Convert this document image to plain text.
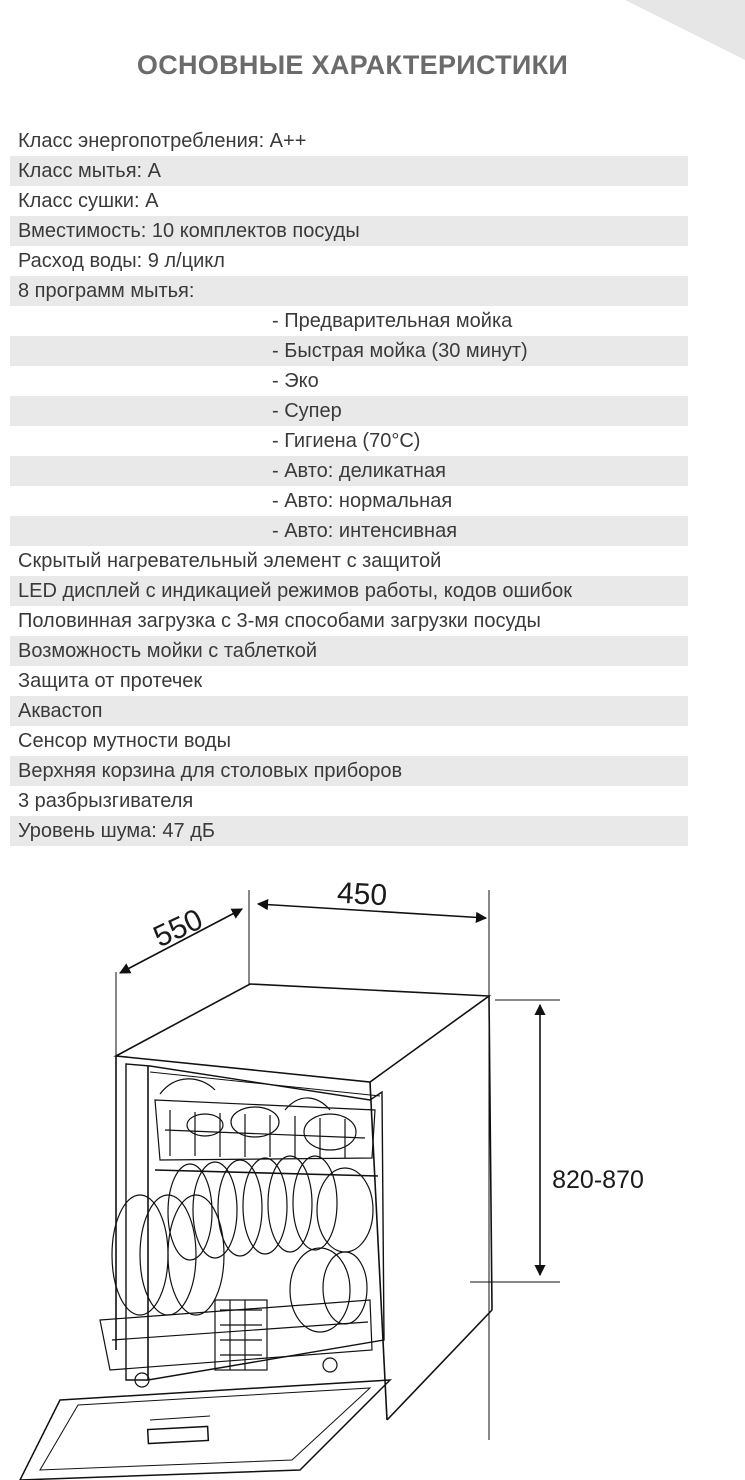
ОСНОВНЫЕ ХАРАКТЕРИСТИКИ
Класс энергопотребления: A++
Класс мытья: А
Класс сушки: А
Вместимость: 10 комплектов посуды
Расход воды: 9 л/цикл
8 программ мытья:
- Предварительная мойка
- Быстрая мойка (30 минут)
- Эко
- Супер
- Гигиена (70°C)
- Авто: деликатная
- Авто: нормальная
- Авто: интенсивная
Скрытый нагревательный элемент с защитой
LED дисплей с индикацией режимов работы, кодов ошибок
Половинная загрузка с 3-мя способами загрузки посуды
Возможность мойки с таблеткой
Защита от протечек
Аквастоп
Сенсор мутности воды
Верхняя корзина для столовых приборов
3 разбрызгивателя
Уровень шума: 47 дБ
450
550
820-870
